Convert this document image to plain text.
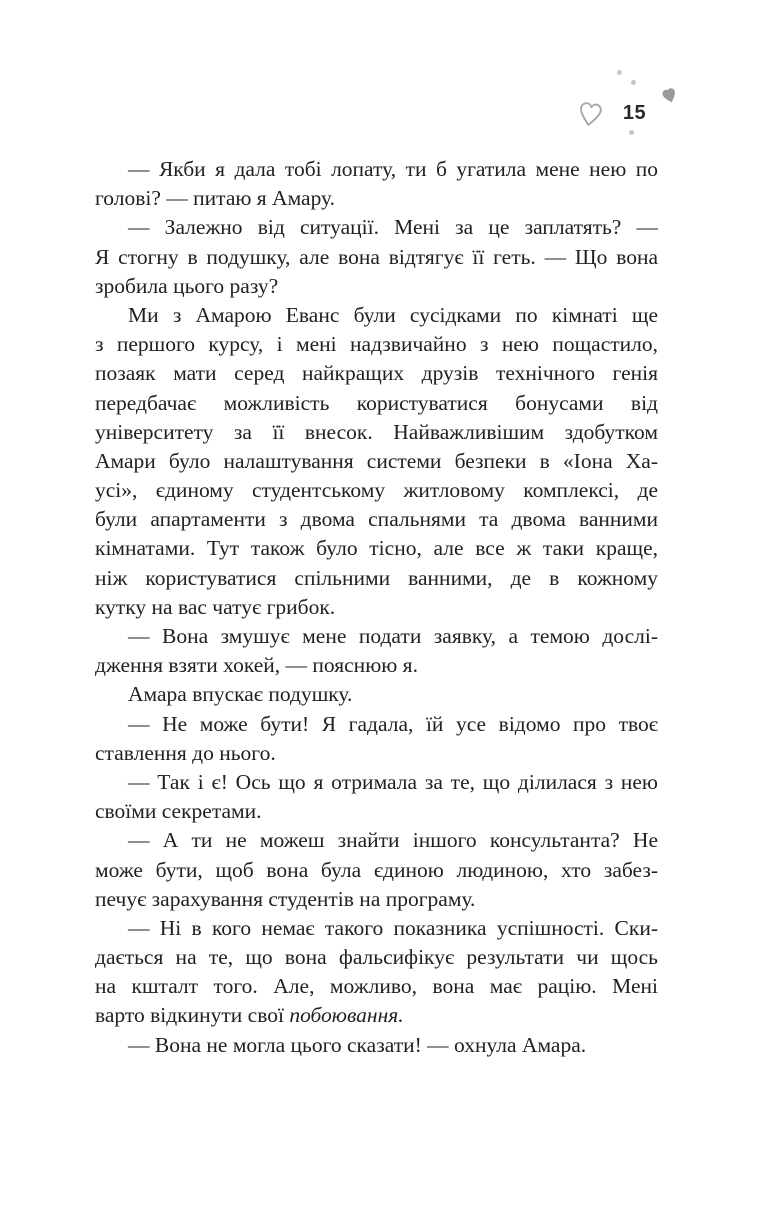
15
— Якби я дала тобі лопату, ти б угатила мене нею по
голові? — питаю я Амару.
— Залежно від ситуації. Мені за це заплатять? —
Я стогну в подушку, але вона відтягує її геть. — Що вона
зробила цього разу?
Ми з Амарою Еванс були сусідками по кімнаті ще
з першого курсу, і мені надзвичайно з нею пощастило,
позаяк мати серед найкращих друзів технічного генія
передбачає можливість користуватися бонусами від
університету за її внесок. Найважливішим здобутком
Амари було налаштування системи безпеки в «Іона Ха-
усі», єдиному студентському житловому комплексі, де
були апартаменти з двома спальнями та двома ванними
кімнатами. Тут також було тісно, але все ж таки краще,
ніж користуватися спільними ванними, де в кожному
кутку на вас чатує грибок.
— Вона змушує мене подати заявку, а темою дослі-
дження взяти хокей, — пояснюю я.
Амара впускає подушку.
— Не може бути! Я гадала, їй усе відомо про твоє
ставлення до нього.
— Так і є! Ось що я отримала за те, що ділилася з нею
своїми секретами.
— А ти не можеш знайти іншого консультанта? Не
може бути, щоб вона була єдиною людиною, хто забез-
печує зарахування студентів на програму.
— Ні в кого немає такого показника успішності. Ски-
дається на те, що вона фальсифікує результати чи щось
на кшталт того. Але, можливо, вона має рацію. Мені
варто відкинути свої побоювання.
— Вона не могла цього сказати! — охнула Амара.
